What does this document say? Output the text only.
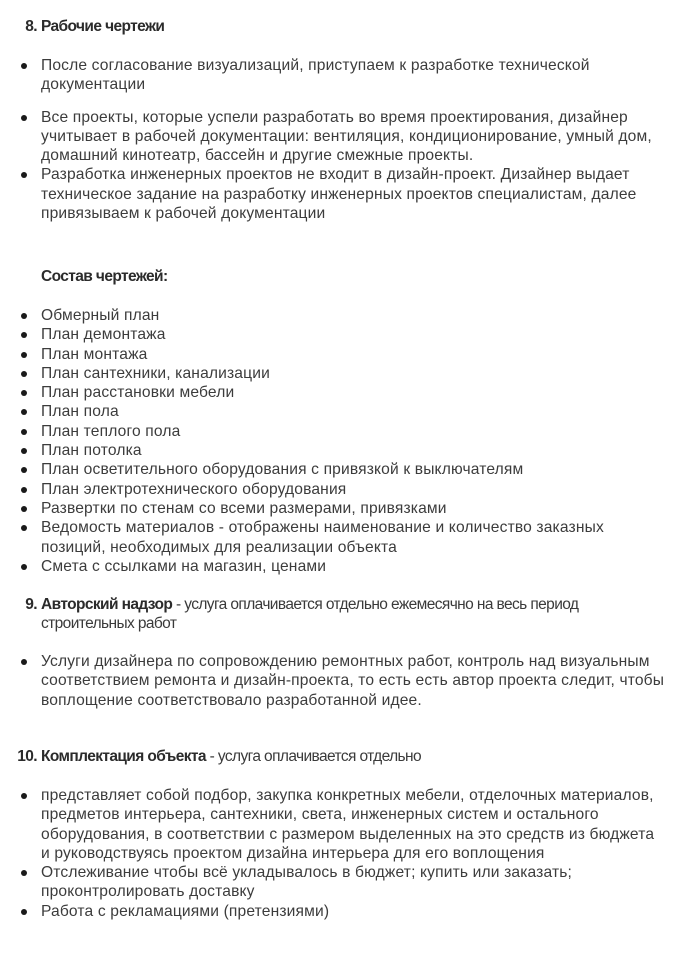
8. Рабочие чертежи
После согласование визуализаций, приступаем к разработке технической документации
Все проекты, которые успели разработать во время проектирования, дизайнер учитывает в рабочей документации: вентиляция, кондиционирование, умный дом, домашний кинотеатр, бассейн и другие смежные проекты.
Разработка инженерных проектов не входит в дизайн-проект. Дизайнер выдает техническое задание на разработку инженерных проектов специалистам, далее привязываем к рабочей документации
Состав чертежей:
Обмерный план
План демонтажа
План монтажа
План сантехники, канализации
План расстановки мебели
План пола
План теплого пола
План потолка
План осветительного оборудования с привязкой к выключателям
План электротехнического оборудования
Развертки по стенам со всеми размерами, привязками
Ведомость материалов - отображены наименование и количество заказных позиций, необходимых для реализации объекта
Смета с ссылками на магазин, ценами
9. Авторский надзор - услуга оплачивается отдельно ежемесячно на весь период строительных работ
Услуги дизайнера по сопровождению ремонтных работ, контроль над визуальным соответствием ремонта и дизайн-проекта, то есть есть автор проекта следит, чтобы воплощение соответствовало разработанной идее.
10. Комплектация объекта - услуга оплачивается отдельно
представляет собой подбор, закупка конкретных мебели, отделочных материалов, предметов интерьера, сантехники, света, инженерных систем и остального оборудования, в соответствии с размером выделенных на это средств из бюджета и руководствуясь проектом дизайна интерьера для его воплощения
Отслеживание чтобы всё укладывалось в бюджет; купить или заказать; проконтролировать доставку
Работа с рекламациями (претензиями)
